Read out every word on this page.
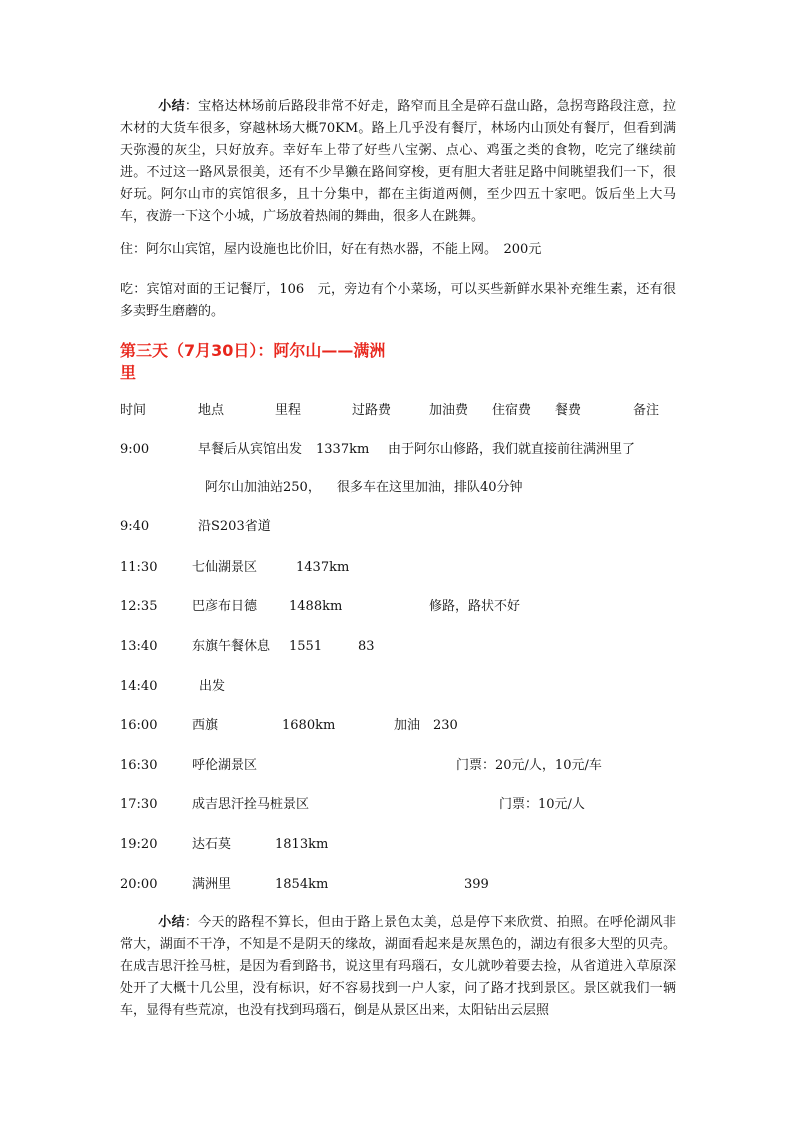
小结：宝格达林场前后路段非常不好走，路窄而且全是碎石盘山路，急拐弯路段注意，拉木材的大货车很多，穿越林场大概70KM。路上几乎没有餐厅，林场内山顶处有餐厅，但看到满天弥漫的灰尘，只好放弃。幸好车上带了好些八宝粥、点心、鸡蛋之类的食物，吃完了继续前进。不过这一路风景很美，还有不少旱獭在路间穿梭，更有胆大者驻足路中间眺望我们一下，很好玩。阿尔山市的宾馆很多，且十分集中，都在主街道两侧，至少四五十家吧。饭后坐上大马车，夜游一下这个小城，广场放着热闹的舞曲，很多人在跳舞。

住：阿尔山宾馆，屋内设施也比价旧，好在有热水器，不能上网。　200元

吃：宾馆对面的王记餐厅，106　元，旁边有个小菜场，可以买些新鲜水果补充维生素，还有很多卖野生磨蘑的。

第三天（7月30日）：阿尔山——满洲
里

时间	地点	里程	过路费	加油费 住宿费 餐费	备注
9:00	早餐后从宾馆出发 1337km 由于阿尔山修路，我们就直接前往满洲里了
阿尔山加油站250， 很多车在这里加油，排队40分钟
9:40	沿S203省道
11:30	七仙湖景区	1437km
12:35	巴彦布日德 1488km	修路，路状不好
13:40	东旗午餐休息 1551	83
14:40	出发
16:00	西旗	1680km	加油　230
16:30	呼伦湖景区	门票：20元/人，10元/车
17:30	成吉思汗拴马桩景区	门票：10元/人
19:20	达石莫	1813km
20:00	满洲里	1854km	399

小结：今天的路程不算长，但由于路上景色太美，总是停下来欣赏、拍照。在呼伦湖风非常大，湖面不干净，不知是不是阴天的缘故，湖面看起来是灰黑色的，湖边有很多大型的贝壳。在成吉思汗拴马桩，是因为看到路书，说这里有玛瑙石，女儿就吵着要去捡，从省道进入草原深处开了大概十几公里，没有标识，好不容易找到一户人家，问了路才找到景区。景区就我们一辆车，显得有些荒凉，也没有找到玛瑙石，倒是从景区出来，太阳钻出云层照
